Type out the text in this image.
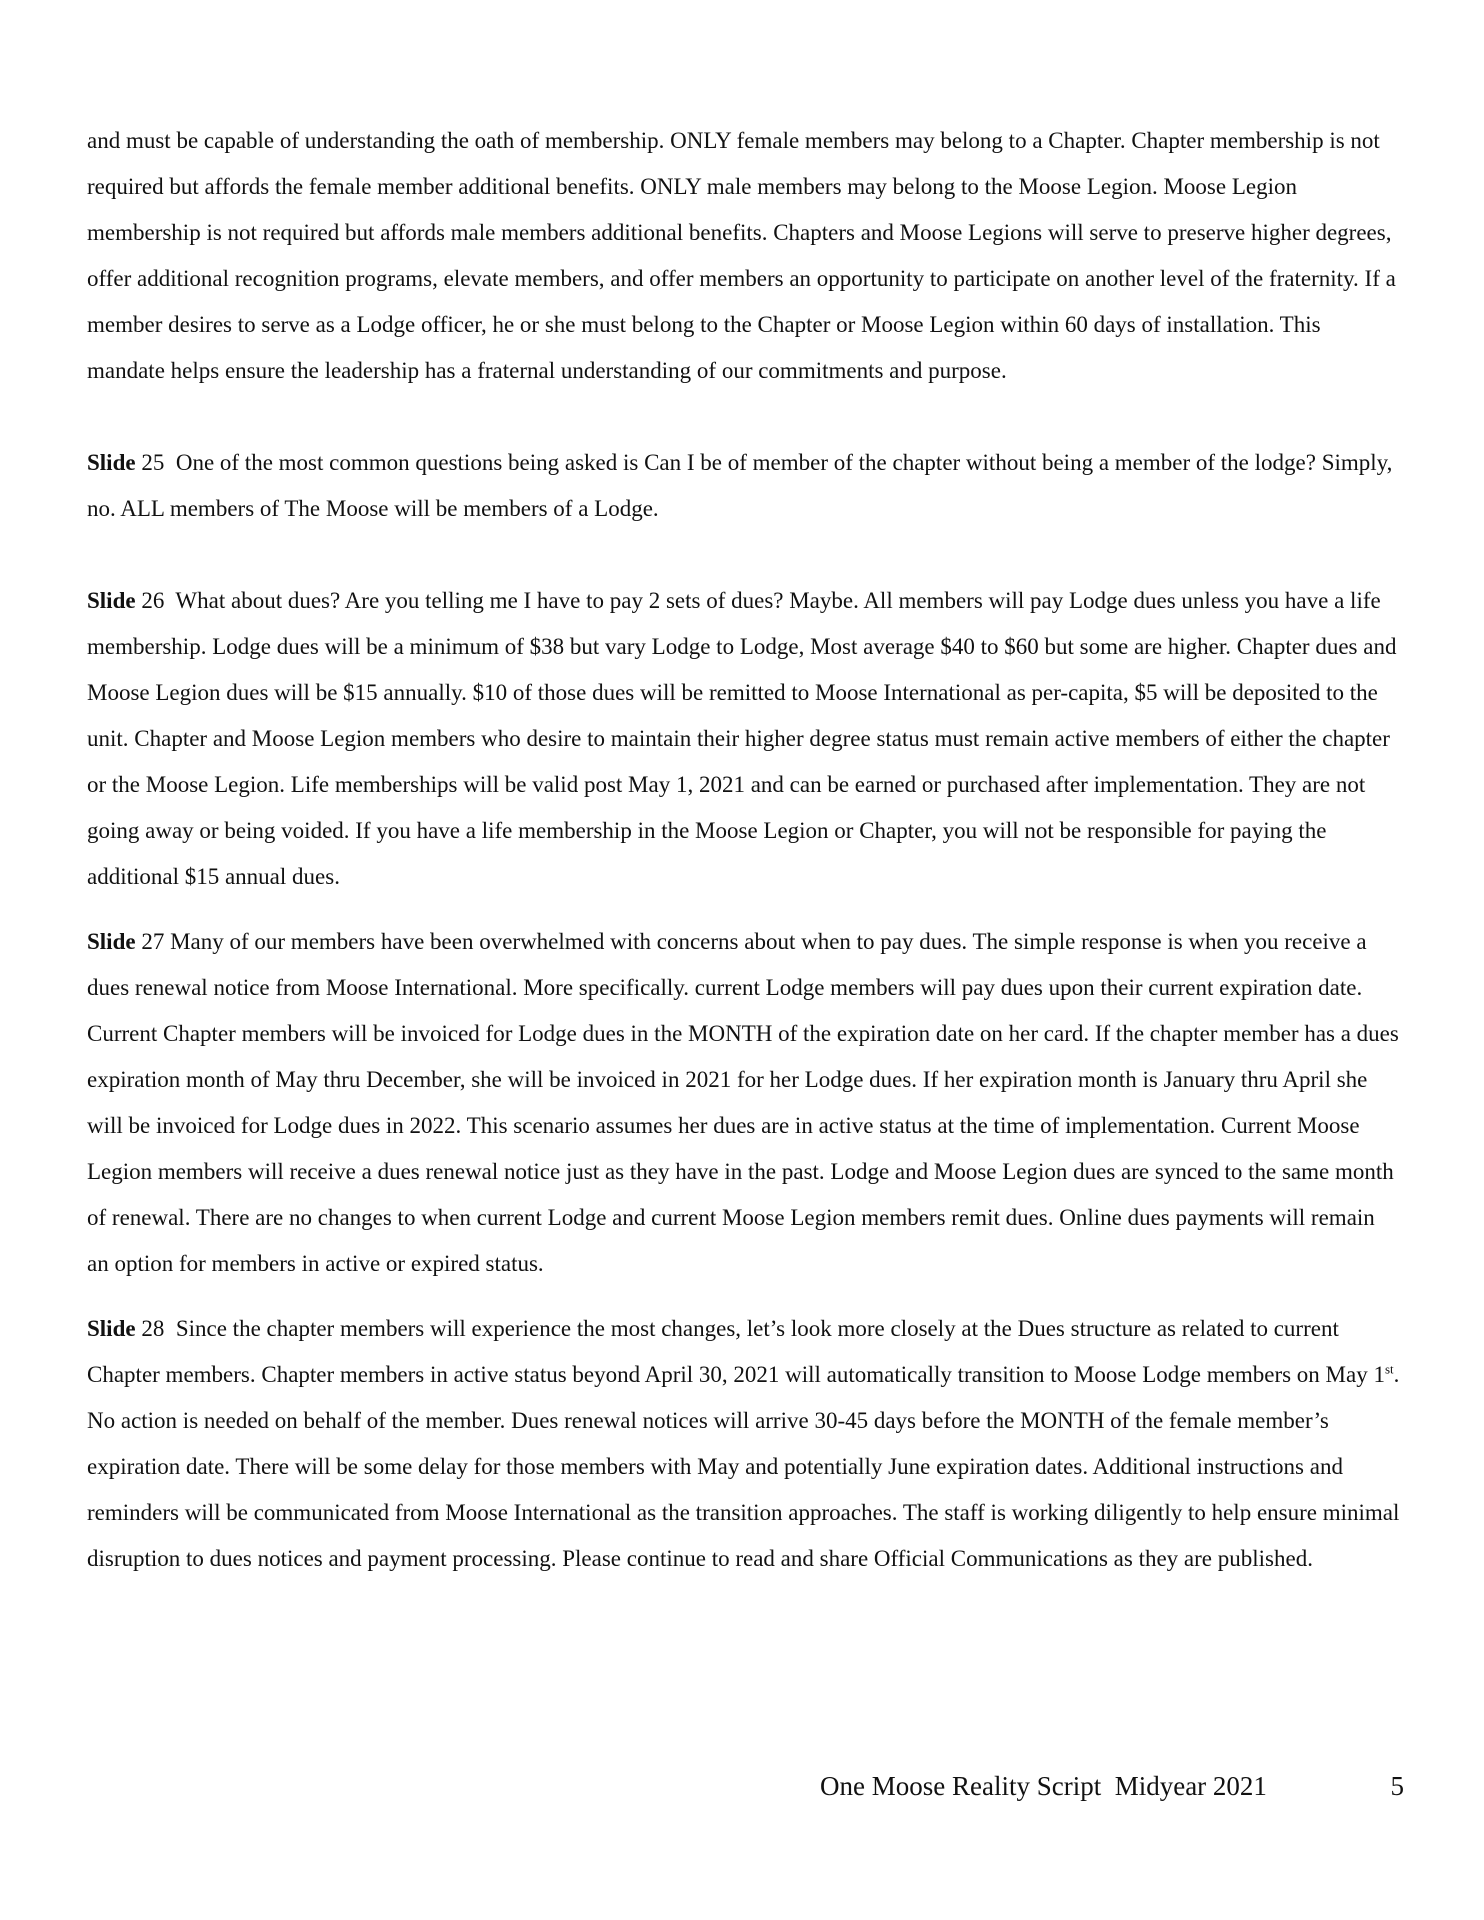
and must be capable of understanding the oath of membership. ONLY female members may belong to a Chapter. Chapter membership is not required but affords the female member additional benefits. ONLY male members may belong to the Moose Legion. Moose Legion membership is not required but affords male members additional benefits. Chapters and Moose Legions will serve to preserve higher degrees, offer additional recognition programs, elevate members, and offer members an opportunity to participate on another level of the fraternity. If a member desires to serve as a Lodge officer, he or she must belong to the Chapter or Moose Legion within 60 days of installation. This mandate helps ensure the leadership has a fraternal understanding of our commitments and purpose.

Slide 25 One of the most common questions being asked is Can I be of member of the chapter without being a member of the lodge? Simply, no. ALL members of The Moose will be members of a Lodge.

Slide 26 What about dues? Are you telling me I have to pay 2 sets of dues? Maybe. All members will pay Lodge dues unless you have a life membership. Lodge dues will be a minimum of $38 but vary Lodge to Lodge, Most average $40 to $60 but some are higher. Chapter dues and Moose Legion dues will be $15 annually. $10 of those dues will be remitted to Moose International as per-capita, $5 will be deposited to the unit. Chapter and Moose Legion members who desire to maintain their higher degree status must remain active members of either the chapter or the Moose Legion. Life memberships will be valid post May 1, 2021 and can be earned or purchased after implementation. They are not going away or being voided. If you have a life membership in the Moose Legion or Chapter, you will not be responsible for paying the additional $15 annual dues.

Slide 27 Many of our members have been overwhelmed with concerns about when to pay dues. The simple response is when you receive a dues renewal notice from Moose International. More specifically. current Lodge members will pay dues upon their current expiration date. Current Chapter members will be invoiced for Lodge dues in the MONTH of the expiration date on her card. If the chapter member has a dues expiration month of May thru December, she will be invoiced in 2021 for her Lodge dues. If her expiration month is January thru April she will be invoiced for Lodge dues in 2022. This scenario assumes her dues are in active status at the time of implementation. Current Moose Legion members will receive a dues renewal notice just as they have in the past. Lodge and Moose Legion dues are synced to the same month of renewal. There are no changes to when current Lodge and current Moose Legion members remit dues. Online dues payments will remain an option for members in active or expired status.

Slide 28 Since the chapter members will experience the most changes, let’s look more closely at the Dues structure as related to current Chapter members. Chapter members in active status beyond April 30, 2021 will automatically transition to Moose Lodge members on May 1st. No action is needed on behalf of the member. Dues renewal notices will arrive 30-45 days before the MONTH of the female member’s expiration date. There will be some delay for those members with May and potentially June expiration dates. Additional instructions and reminders will be communicated from Moose International as the transition approaches. The staff is working diligently to help ensure minimal disruption to dues notices and payment processing. Please continue to read and share Official Communications as they are published.

One Moose Reality Script  Midyear 2021	5
